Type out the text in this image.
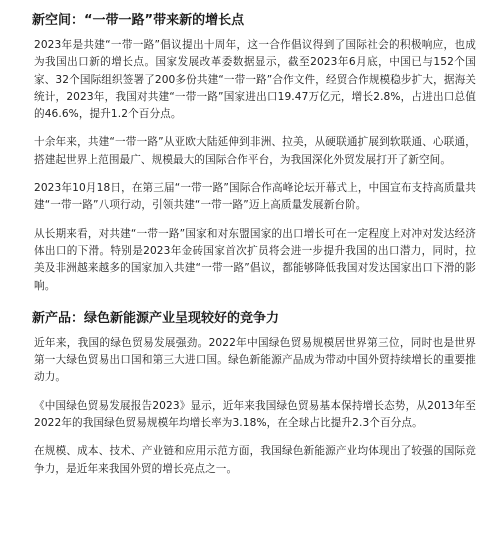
新空间：“一带一路”带来新的增长点

2023年是共建“一带一路”倡议提出十周年，这一合作倡议得到了国际社会的积极响应，也成为我国出口新的增长点。国家发展改革委数据显示，截至2023年6月底，中国已与152个国家、32个国际组织签署了200多份共建“一带一路”合作文件，经贸合作规模稳步扩大，据海关统计，2023年，我国对共建“一带一路”国家进出口19.47万亿元，增长2.8%，占进出口总值的46.6%，提升1.2个百分点。

十余年来，共建“一带一路”从亚欧大陆延伸到非洲、拉美，从硬联通扩展到软联通、心联通，搭建起世界上范围最广、规模最大的国际合作平台，为我国深化外贸发展打开了新空间。

2023年10月18日，在第三届“一带一路”国际合作高峰论坛开幕式上，中国宣布支持高质量共建“一带一路”八项行动，引领共建“一带一路”迈上高质量发展新台阶。

从长期来看，对共建“一带一路”国家和对东盟国家的出口增长可在一定程度上对冲对发达经济体出口的下滑。特别是2023年金砖国家首次扩员将会进一步提升我国的出口潜力，同时，拉美及非洲越来越多的国家加入共建“一带一路”倡议，都能够降低我国对发达国家出口下滑的影响。

新产品：绿色新能源产业呈现较好的竞争力

近年来，我国的绿色贸易发展强劲。2022年中国绿色贸易规模居世界第三位，同时也是世界第一大绿色贸易出口国和第三大进口国。绿色新能源产品成为带动中国外贸持续增长的重要推动力。

《中国绿色贸易发展报告2023》显示，近年来我国绿色贸易基本保持增长态势，从2013年至2022年的我国绿色贸易规模年均增长率为3.18%，在全球占比提升2.3个百分点。

在规模、成本、技术、产业链和应用示范方面，我国绿色新能源产业均体现出了较强的国际竞争力，是近年来我国外贸的增长亮点之一。
